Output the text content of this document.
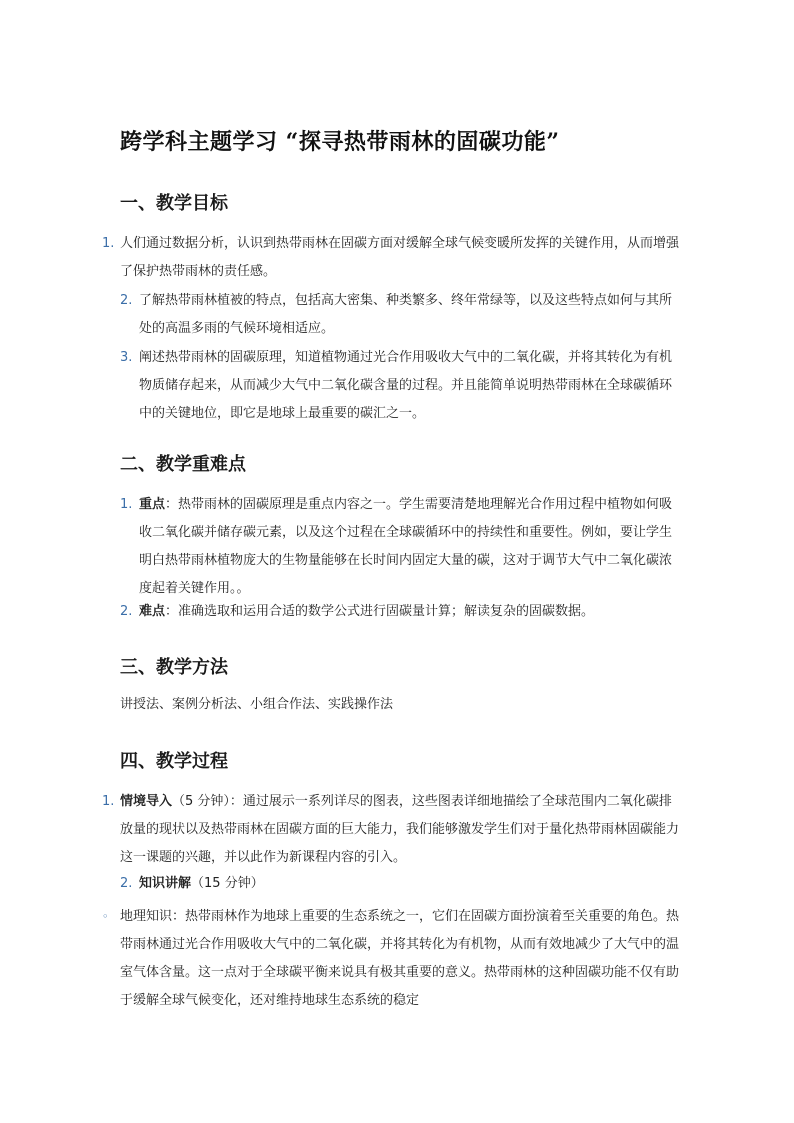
跨学科主题学习 “探寻热带雨林的固碳功能”
一、教学目标
1. 人们通过数据分析，认识到热带雨林在固碳方面对缓解全球气候变暖所发挥的关键作用，从而增强了保护热带雨林的责任感。
2. 了解热带雨林植被的特点，包括高大密集、种类繁多、终年常绿等，以及这些特点如何与其所处的高温多雨的气候环境相适应。
3. 阐述热带雨林的固碳原理，知道植物通过光合作用吸收大气中的二氧化碳，并将其转化为有机物质储存起来，从而减少大气中二氧化碳含量的过程。并且能简单说明热带雨林在全球碳循环中的关键地位，即它是地球上最重要的碳汇之一。
二、教学重难点
1. 重点：热带雨林的固碳原理是重点内容之一。学生需要清楚地理解光合作用过程中植物如何吸收二氧化碳并储存碳元素，以及这个过程在全球碳循环中的持续性和重要性。例如，要让学生明白热带雨林植物庞大的生物量能够在长时间内固定大量的碳，这对于调节大气中二氧化碳浓度起着关键作用。。
2. 难点：准确选取和运用合适的数学公式进行固碳量计算；解读复杂的固碳数据。
三、教学方法
讲授法、案例分析法、小组合作法、实践操作法
四、教学过程
1. 情境导入（5 分钟）：通过展示一系列详尽的图表，这些图表详细地描绘了全球范围内二氧化碳排放量的现状以及热带雨林在固碳方面的巨大能力，我们能够激发学生们对于量化热带雨林固碳能力这一课题的兴趣，并以此作为新课程内容的引入。
2. 知识讲解（15 分钟）
◦ 地理知识：热带雨林作为地球上重要的生态系统之一，它们在固碳方面扮演着至关重要的角色。热带雨林通过光合作用吸收大气中的二氧化碳，并将其转化为有机物，从而有效地减少了大气中的温室气体含量。这一点对于全球碳平衡来说具有极其重要的意义。热带雨林的这种固碳功能不仅有助于缓解全球气候变化，还对维持地球生态系统的稳定
